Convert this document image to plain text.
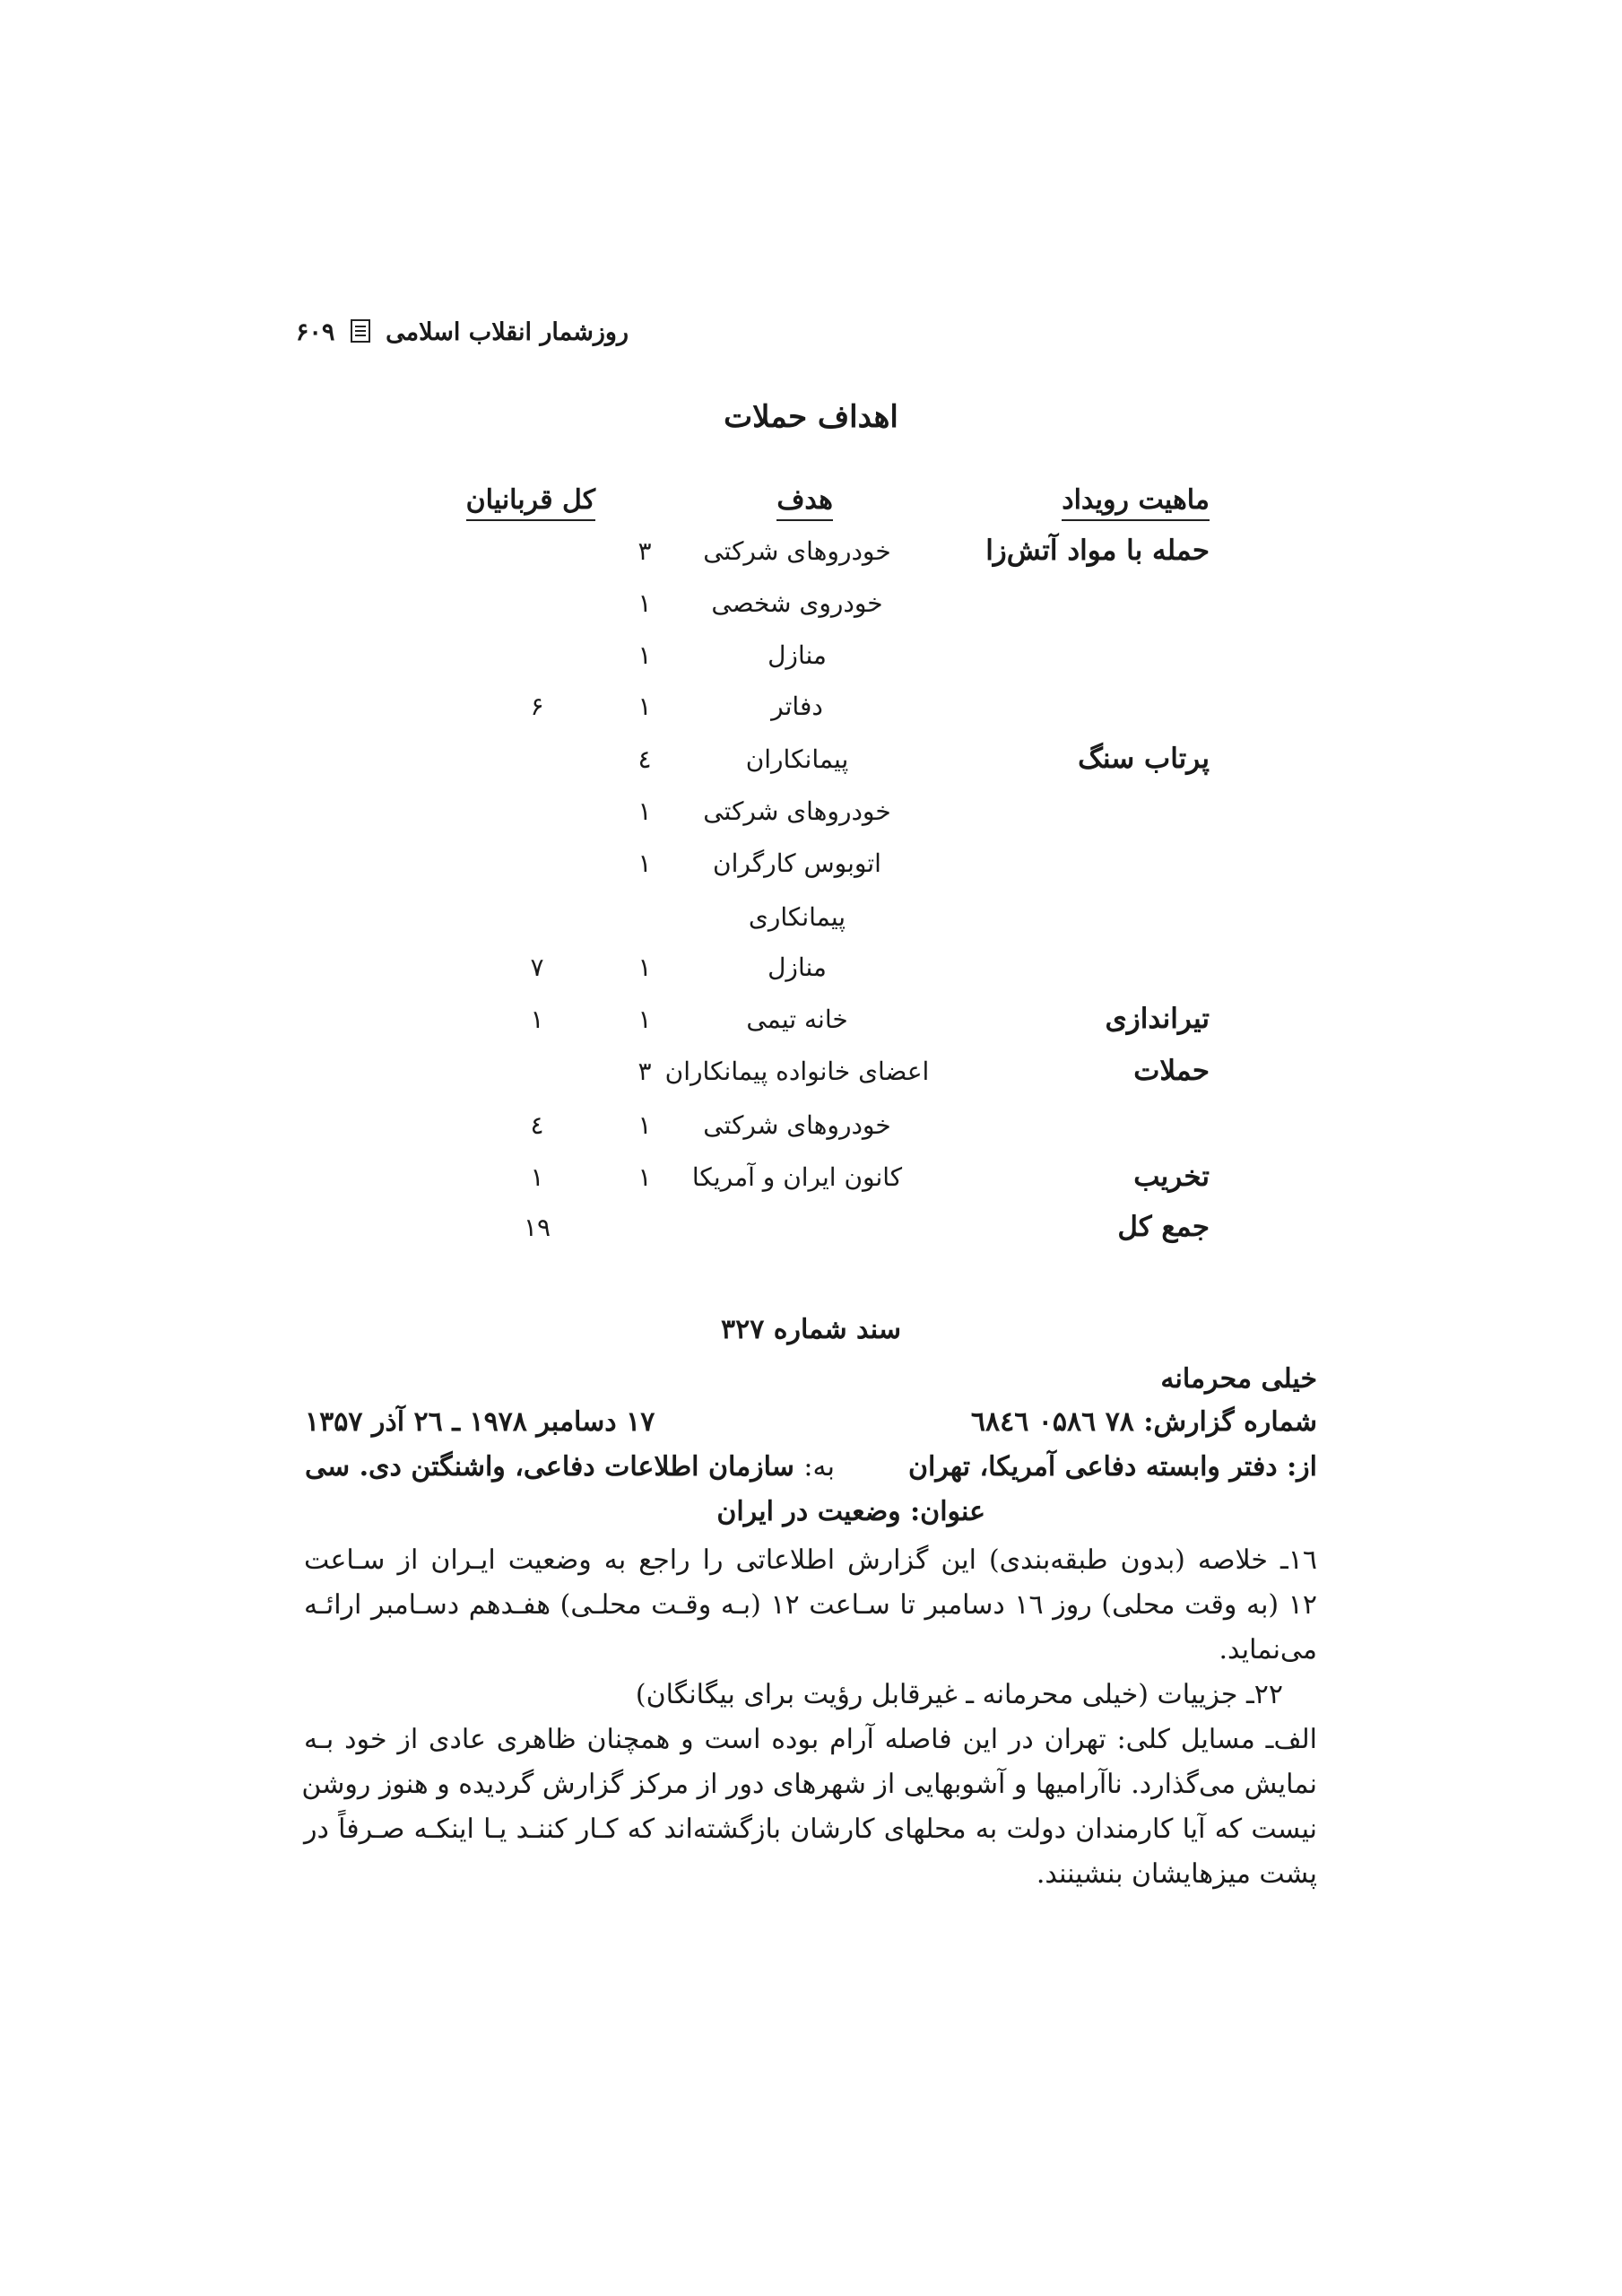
روزشمار انقلاب اسلامی  ۶۰۹
اهداف حملات
ماهیت رویداد
هدف
کل قربانیان
حمله با مواد آتش‌زا
خودروهای شرکتی
۳
خودروی شخصی
۱
منازل
۱
دفاتر
۱
۶
پرتاب سنگ
پیمانکاران
٤
خودروهای شرکتی
۱
اتوبوس کارگران
۱
پیمانکاری
منازل
۱
۷
تیراندازی
خانه تیمی
۱
۱
حملات
اعضای خانواده پیمانکاران
۳
خودروهای شرکتی
۱
٤
تخریب
کانون ایران و آمریکا
۱
۱
جمع کل
۱۹
سند شماره ۳۲۷
خیلی محرمانه
شماره گزارش: ۷۸ ۰۵۸٦ ٦۸٤٦
۱۷ دسامبر ۱۹۷۸ ـ ۲٦ آذر ۱۳۵۷
از: دفتر وابسته دفاعی آمریکا، تهران
به: سازمان اطلاعات دفاعی، واشنگتن دی. سی
عنوان: وضعیت در ایران
۱٦ـ خلاصه (بدون طبقه‌بندی) این گزارش اطلاعاتی را راجع به وضعیت ایـران از سـاعت
۱۲ (به وقت محلی) روز ۱٦ دسامبر تا سـاعت ۱۲ (بـه وقـت محلـی) هفـدهم دسـامبر ارائـه
می‌نماید.
۲۲ـ جزییات (خیلی محرمانه ـ غیرقابل رؤیت برای بیگانگان)
الف‌ـ مسایل کلی: تهران در این فاصله آرام بوده است و همچنان ظاهری عادی از خود بـه
نمایش می‌گذارد. ناآرامیها و آشوبهایی از شهرهای دور از مرکز گزارش گردیده و هنوز روشن
نیست که آیا کارمندان دولت به محلهای کارشان بازگشته‌اند که کـار کننـد یـا اینکـه صـرفاً در
پشت میزهایشان بنشینند.
